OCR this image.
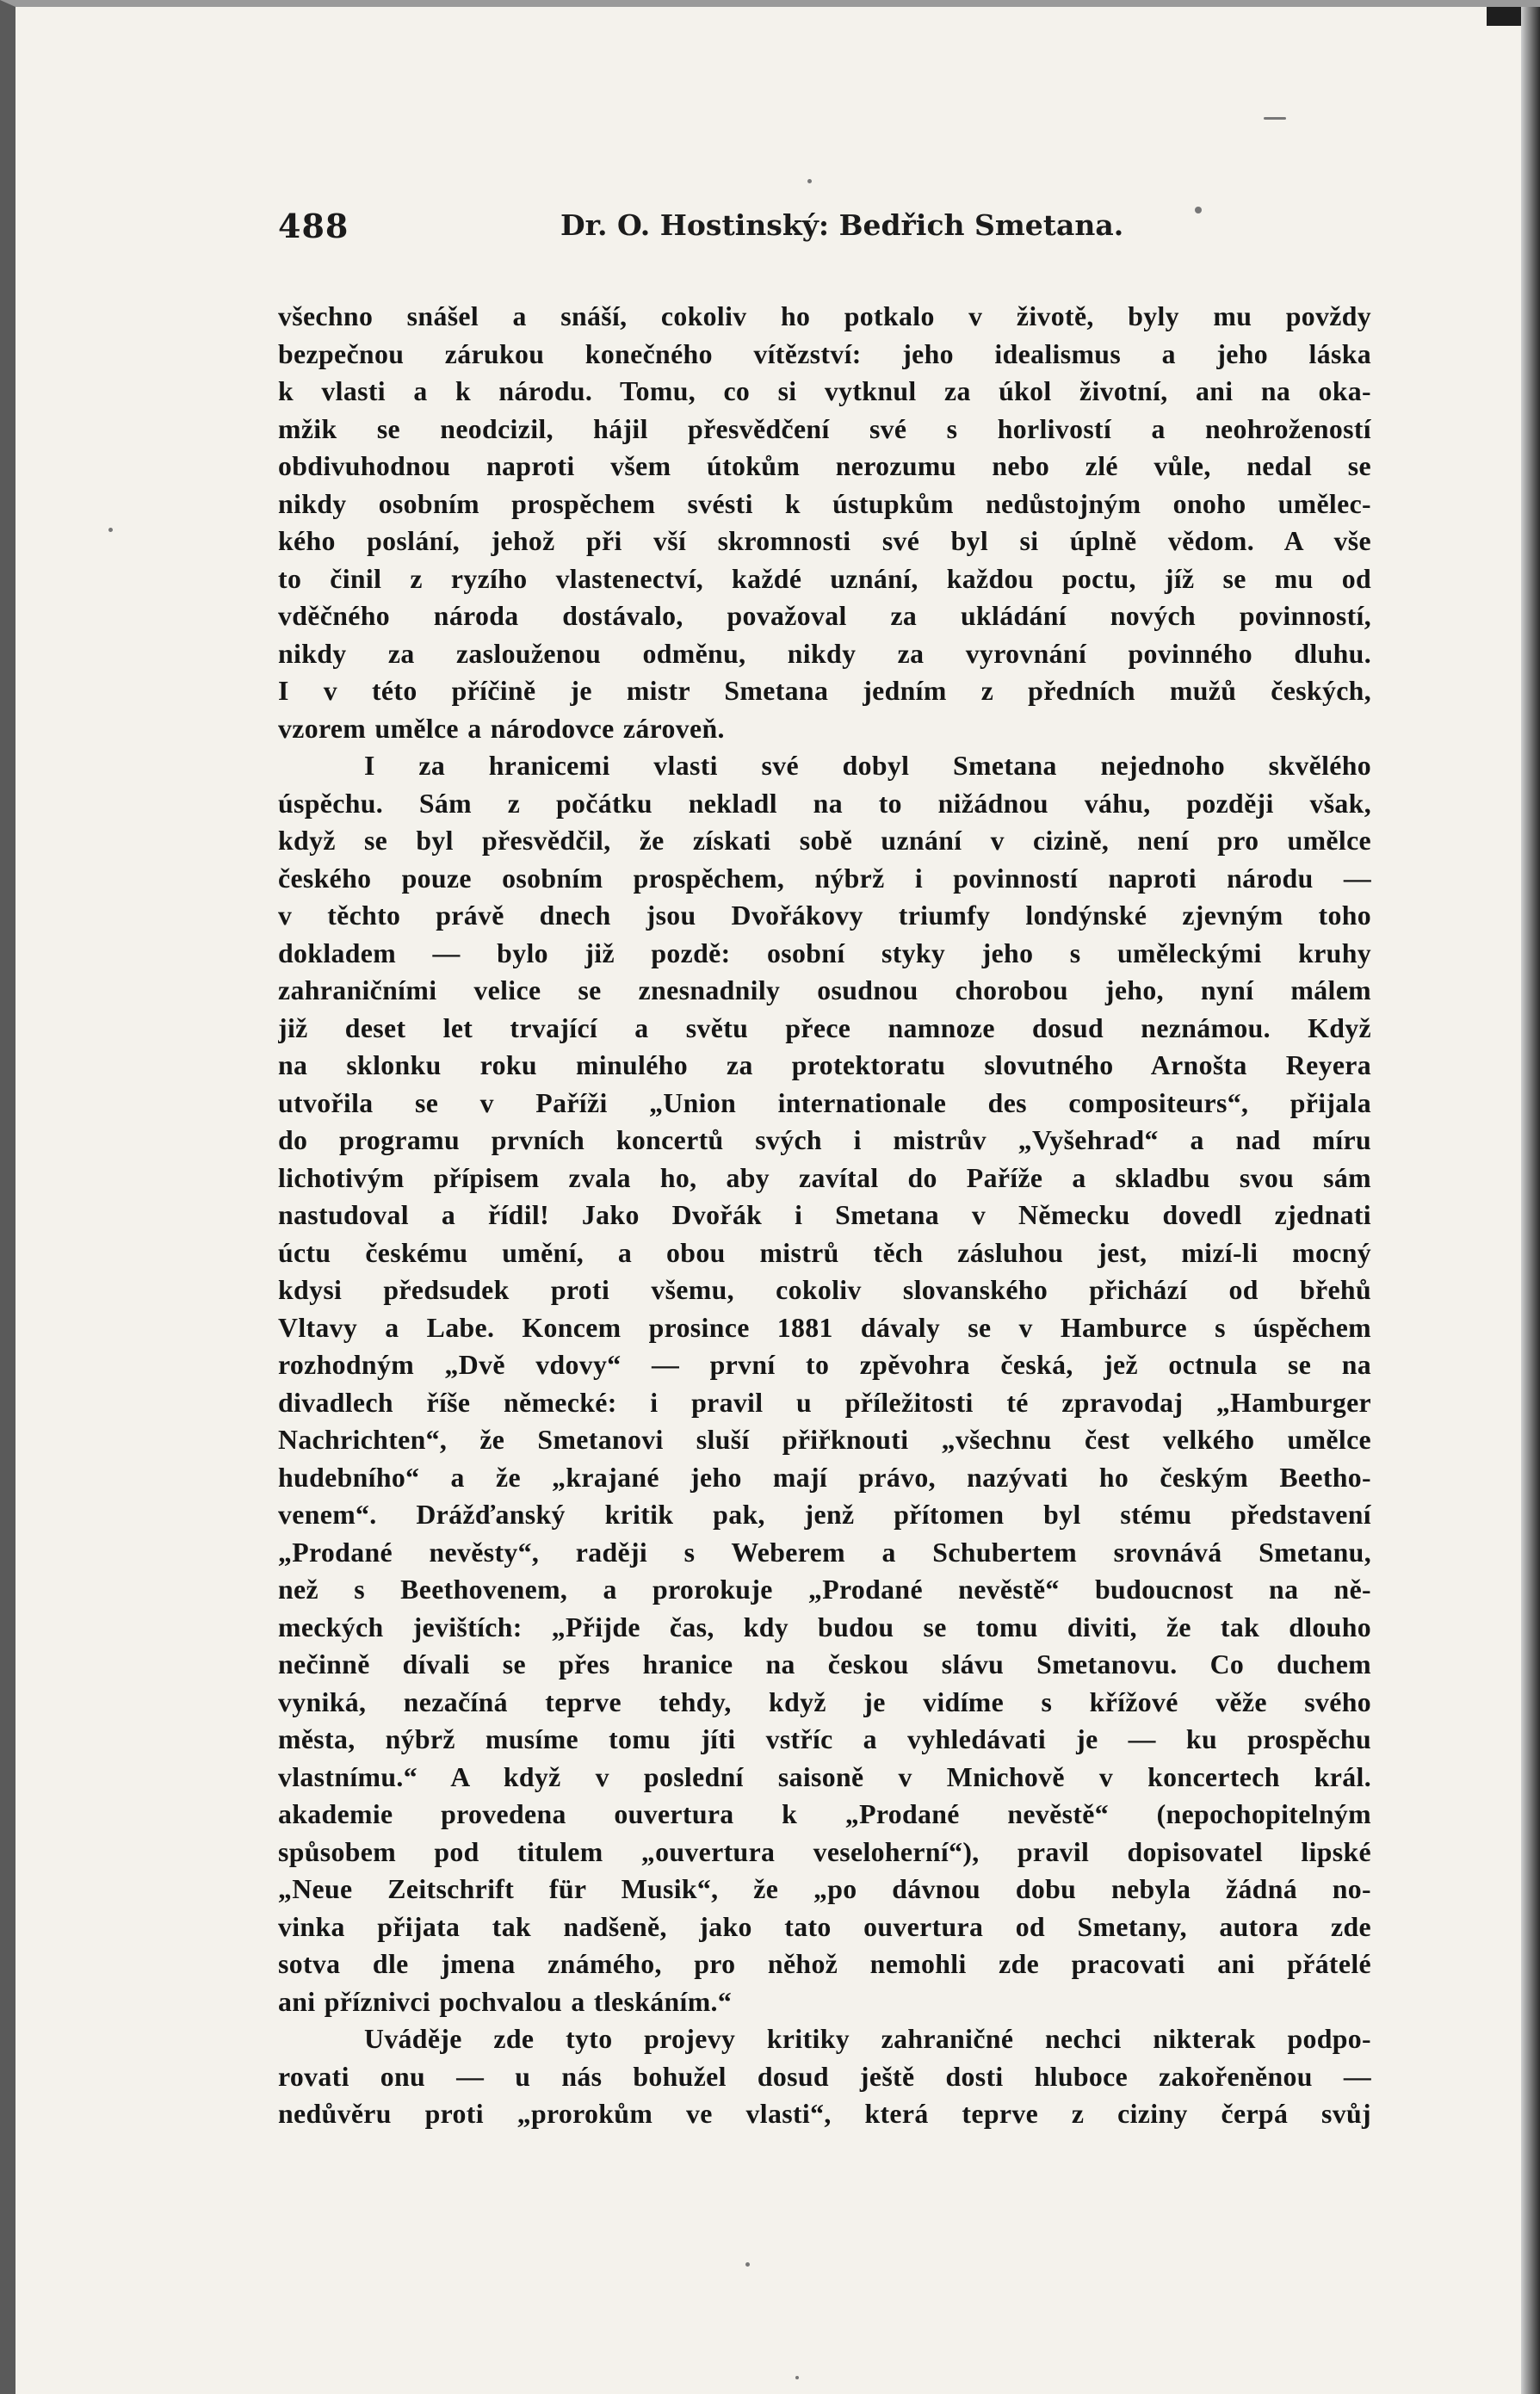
488	Dr. O. Hostinský: Bedřich Smetana.
všechno snášel a snáší, cokoliv ho potkalo v životě, byly mu povždy
bezpečnou zárukou konečného vítězství: jeho idealismus a jeho láska
k vlasti a k národu. Tomu, co si vytknul za úkol životní, ani na oka-
mžik se neodcizil, hájil přesvědčení své s horlivostí a neohrožeností
obdivuhodnou naproti všem útokům nerozumu nebo zlé vůle, nedal se
nikdy osobním prospěchem svésti k ústupkům nedůstojným onoho umělec-
kého poslání, jehož při vší skromnosti své byl si úplně vědom. A vše
to činil z ryzího vlastenectví, každé uznání, každou poctu, jíž se mu od
vděčného národa dostávalo, považoval za ukládání nových povinností,
nikdy za zaslouženou odměnu, nikdy za vyrovnání povinného dluhu.
I v této příčině je mistr Smetana jedním z předních mužů českých,
vzorem umělce a národovce zároveň.
I za hranicemi vlasti své dobyl Smetana nejednoho skvělého
úspěchu. Sám z počátku nekladl na to nižádnou váhu, později však,
když se byl přesvědčil, že získati sobě uznání v cizině, není pro umělce
českého pouze osobním prospěchem, nýbrž i povinností naproti národu —
v těchto právě dnech jsou Dvořákovy triumfy londýnské zjevným toho
dokladem — bylo již pozdě: osobní styky jeho s uměleckými kruhy
zahraničními velice se znesnadnily osudnou chorobou jeho, nyní málem
již deset let trvající a světu přece namnoze dosud neznámou. Když
na sklonku roku minulého za protektoratu slovutného Arnošta Reyera
utvořila se v Paříži „Union internationale des compositeurs“, přijala
do programu prvních koncertů svých i mistrův „Vyšehrad“ a nad míru
lichotivým přípisem zvala ho, aby zavítal do Paříže a skladbu svou sám
nastudoval a řídil! Jako Dvořák i Smetana v Německu dovedl zjednati
úctu českému umění, a obou mistrů těch zásluhou jest, mizí-li mocný
kdysi předsudek proti všemu, cokoliv slovanského přichází od břehů
Vltavy a Labe. Koncem prosince 1881 dávaly se v Hamburce s úspěchem
rozhodným „Dvě vdovy“ — první to zpěvohra česká, jež octnula se na
divadlech říše německé: i pravil u příležitosti té zpravodaj „Hamburger
Nachrichten“, že Smetanovi sluší přiřknouti „všechnu čest velkého umělce
hudebního“ a že „krajané jeho mají právo, nazývati ho českým Beetho-
venem“. Drážďanský kritik pak, jenž přítomen byl stému představení
„Prodané nevěsty“, raději s Weberem a Schubertem srovnává Smetanu,
než s Beethovenem, a prorokuje „Prodané nevěstě“ budoucnost na ně-
meckých jevištích: „Přijde čas, kdy budou se tomu diviti, že tak dlouho
nečinně dívali se přes hranice na českou slávu Smetanovu. Co duchem
vyniká, nezačíná teprve tehdy, když je vidíme s křížové věže svého
města, nýbrž musíme tomu jíti vstříc a vyhledávati je — ku prospěchu
vlastnímu.“ A když v poslední saisoně v Mnichově v koncertech král.
akademie provedena ouvertura k „Prodané nevěstě“ (nepochopitelným
spůsobem pod titulem „ouvertura veseloherní“), pravil dopisovatel lipské
„Neue Zeitschrift für Musik“, že „po dávnou dobu nebyla žádná no-
vinka přijata tak nadšeně, jako tato ouvertura od Smetany, autora zde
sotva dle jmena známého, pro něhož nemohli zde pracovati ani přátelé
ani příznivci pochvalou a tleskáním.“
Uváděje zde tyto projevy kritiky zahraničné nechci nikterak podpo-
rovati onu — u nás bohužel dosud ještě dosti hluboce zakořeněnou —
nedůvěru proti „prorokům ve vlasti“, která teprve z ciziny čerpá svůj
